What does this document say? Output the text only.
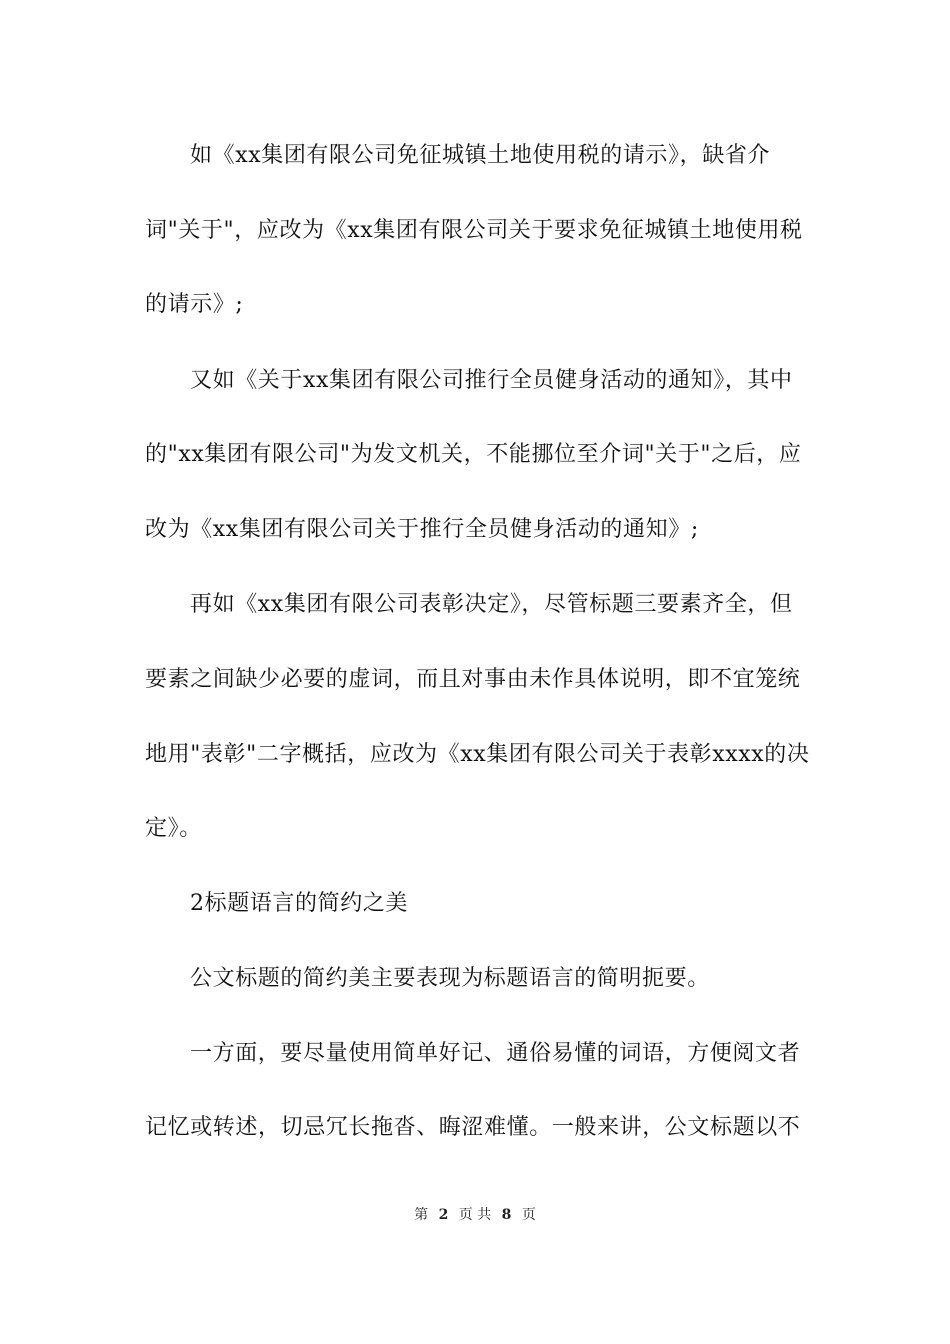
如《xx集团有限公司免征城镇土地使用税的请示》，缺省介
词"关于"，应改为《xx集团有限公司关于要求免征城镇土地使用税
的请示》;
又如《关于xx集团有限公司推行全员健身活动的通知》，其中
的"xx集团有限公司"为发文机关，不能挪位至介词"关于"之后，应
改为《xx集团有限公司关于推行全员健身活动的通知》;
再如《xx集团有限公司表彰决定》，尽管标题三要素齐全，但
要素之间缺少必要的虚词，而且对事由未作具体说明，即不宜笼统
地用"表彰"二字概括，应改为《xx集团有限公司关于表彰xxxx的决
定》。
2标题语言的简约之美
公文标题的简约美主要表现为标题语言的简明扼要。
一方面，要尽量使用简单好记、通俗易懂的词语，方便阅文者
记忆或转述，切忌冗长拖沓、晦涩难懂。一般来讲，公文标题以不
第 2 页 共 8 页
